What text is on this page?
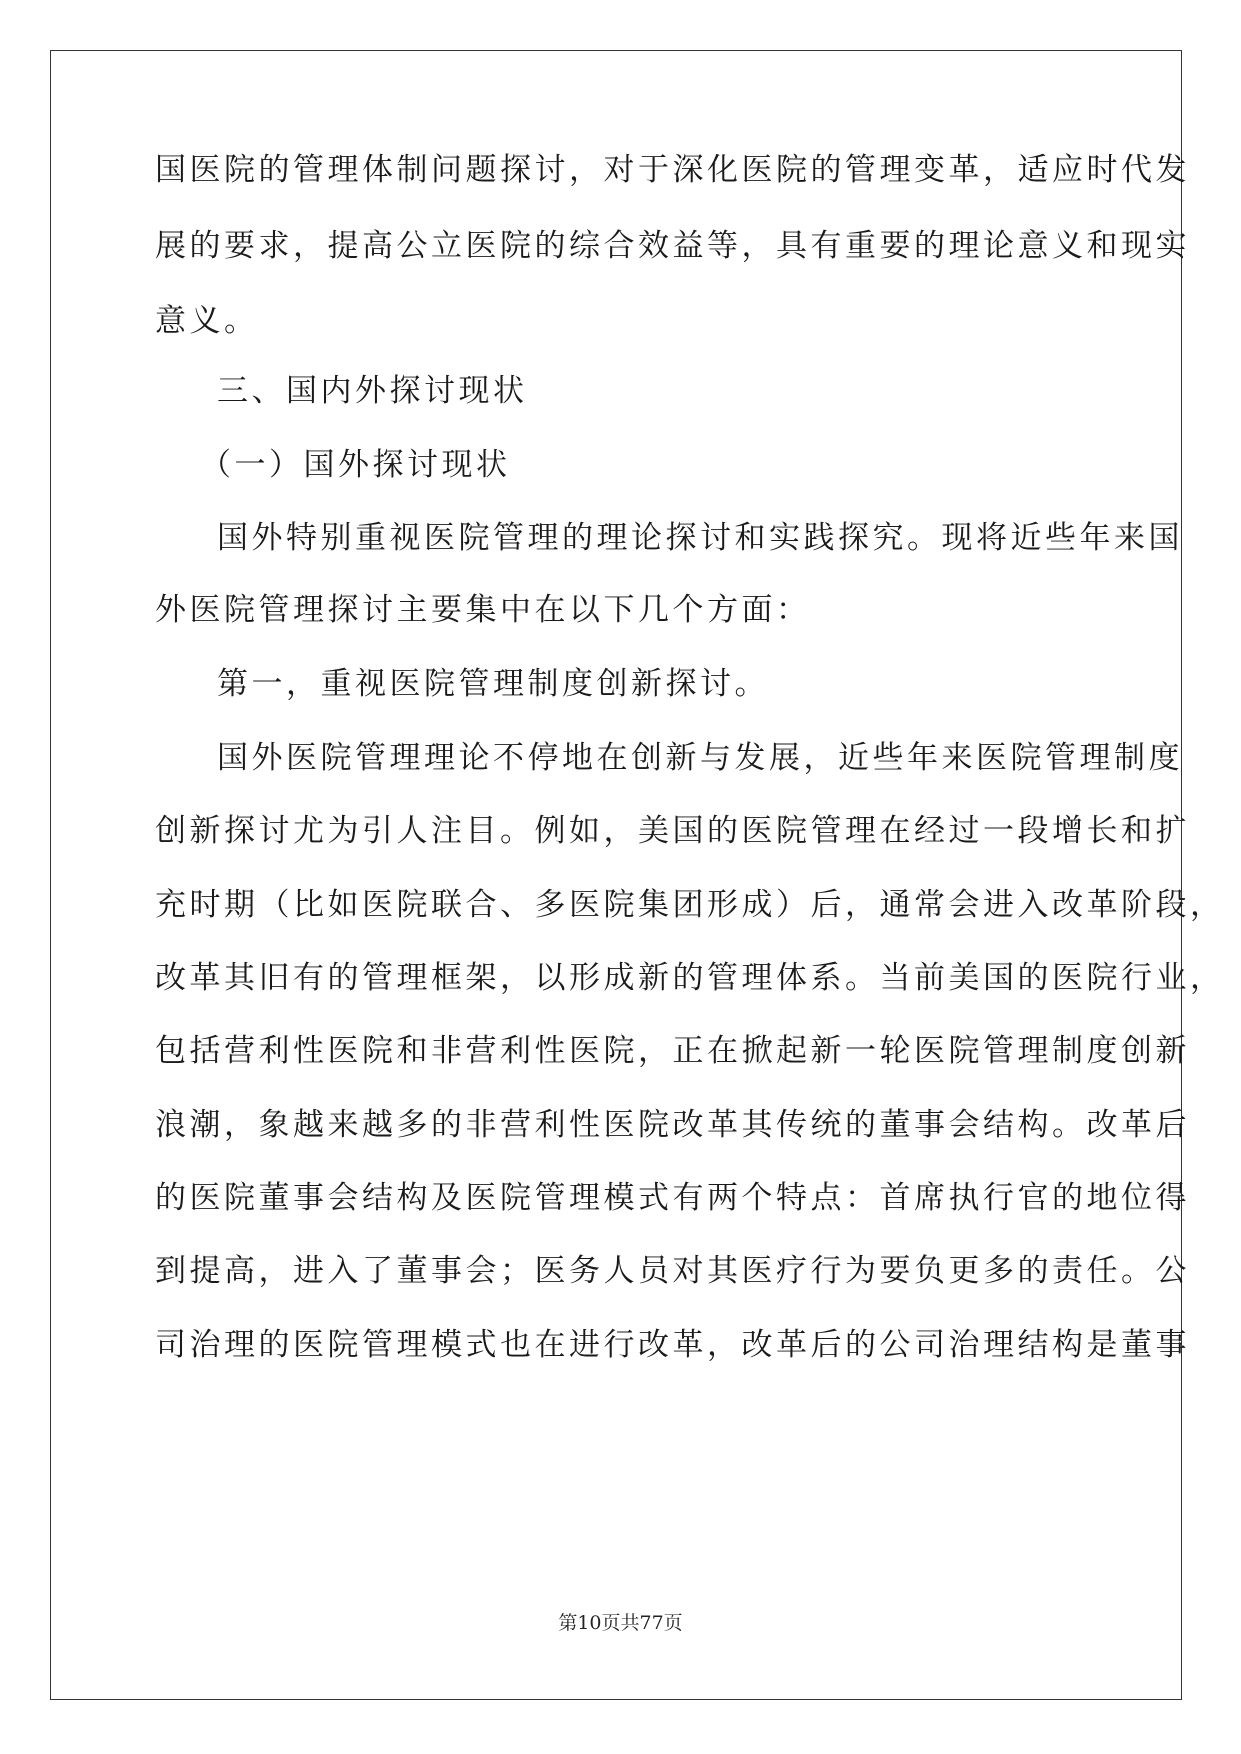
国医院的管理体制问题探讨，对于深化医院的管理变革，适应时代发
展的要求，提高公立医院的综合效益等，具有重要的理论意义和现实
意义。
三、国内外探讨现状
（一）国外探讨现状
国外特别重视医院管理的理论探讨和实践探究。现将近些年来国
外医院管理探讨主要集中在以下几个方面：
第一，重视医院管理制度创新探讨。
国外医院管理理论不停地在创新与发展，近些年来医院管理制度
创新探讨尤为引人注目。例如，美国的医院管理在经过一段增长和扩
充时期（比如医院联合、多医院集团形成）后，通常会进入改革阶段，
改革其旧有的管理框架，以形成新的管理体系。当前美国的医院行业，
包括营利性医院和非营利性医院，正在掀起新一轮医院管理制度创新
浪潮，象越来越多的非营利性医院改革其传统的董事会结构。改革后
的医院董事会结构及医院管理模式有两个特点：首席执行官的地位得
到提高，进入了董事会；医务人员对其医疗行为要负更多的责任。公
司治理的医院管理模式也在进行改革，改革后的公司治理结构是董事
第10页共77页
